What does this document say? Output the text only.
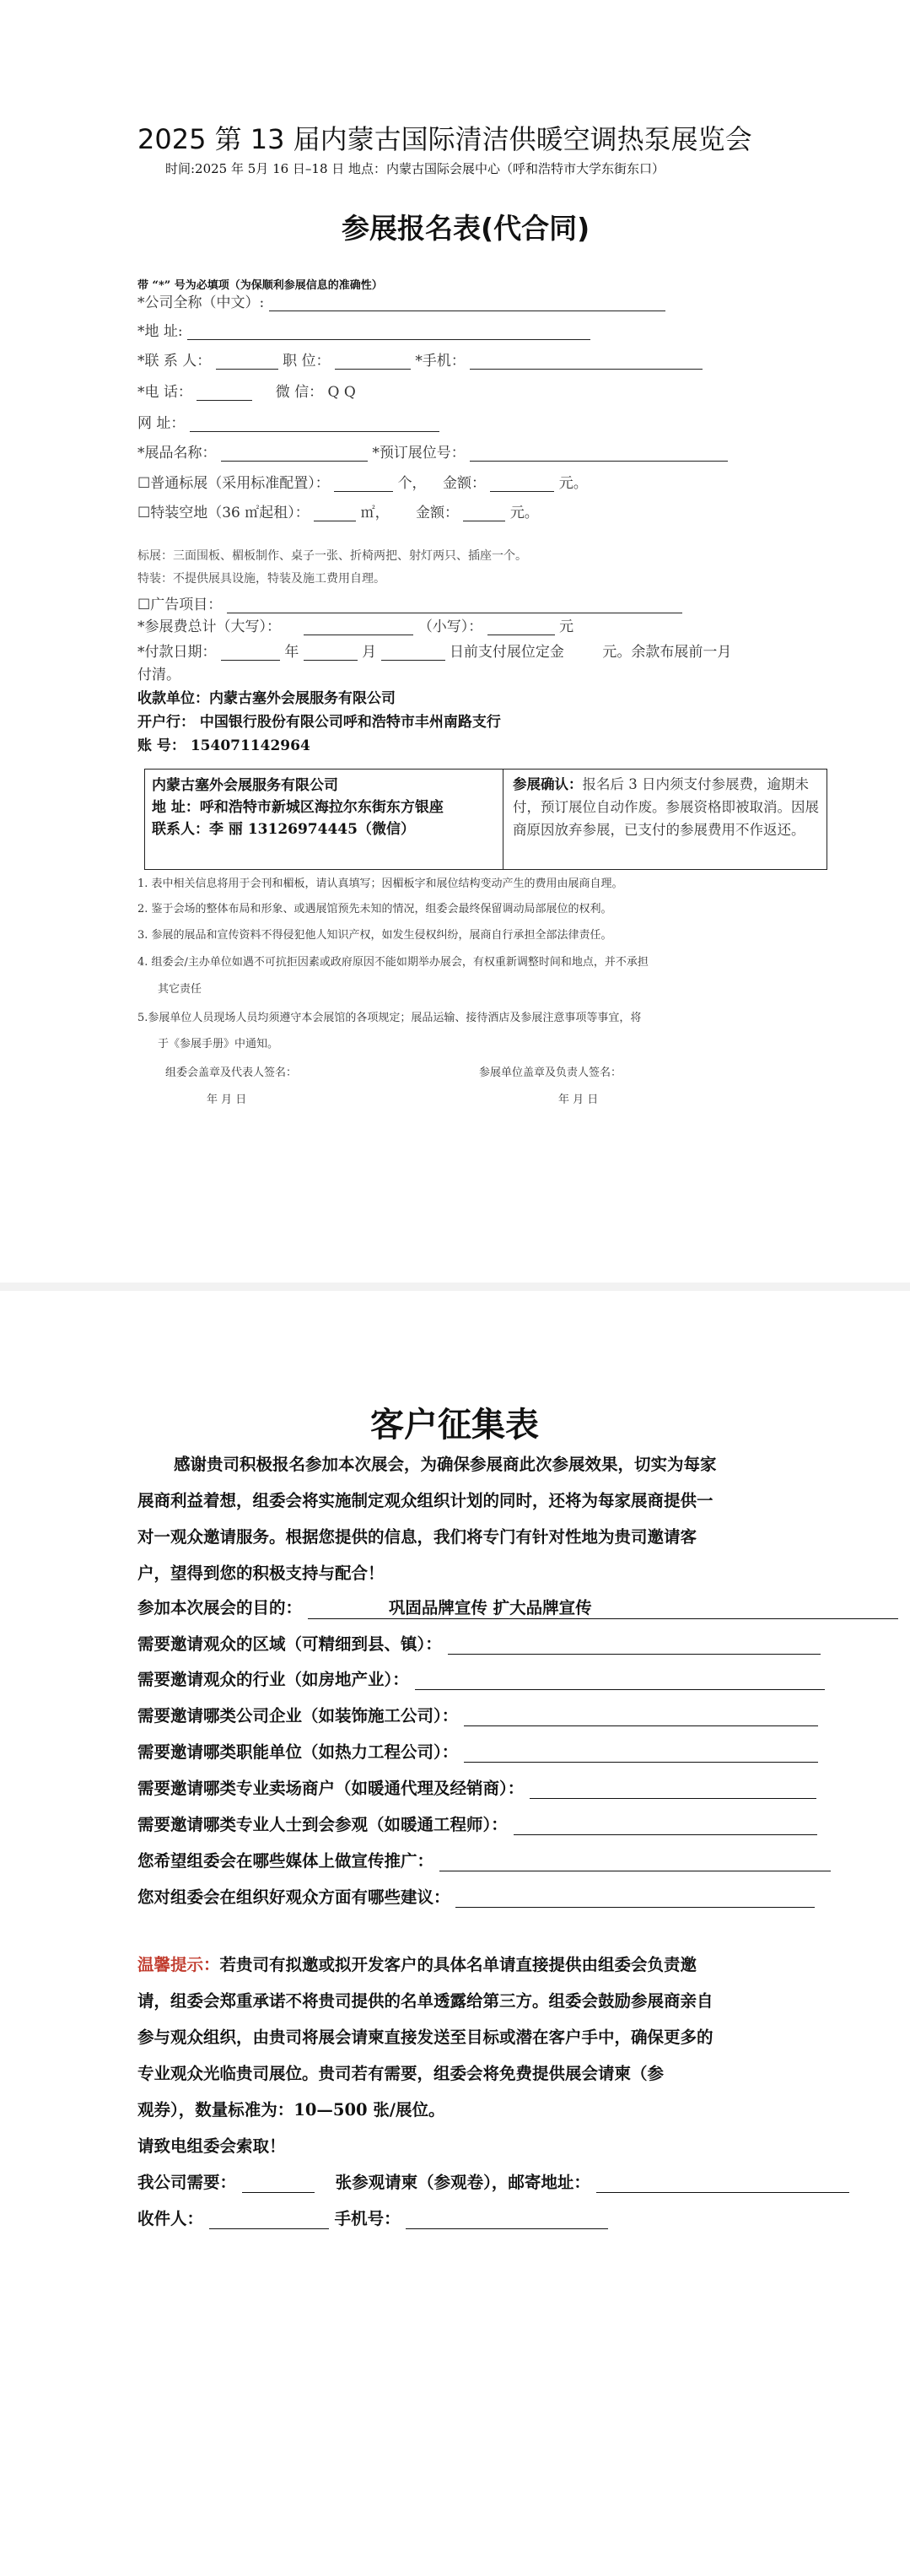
2025 第 13 届内蒙古国际清洁供暖空调热泵展览会
时间:2025 年 5月 16 日–18 日 地点：内蒙古国际会展中心（呼和浩特市大学东街东口）
参展报名表(代合同)
带 “*” 号为必填项（为保顺利参展信息的准确性）
*公司全称（中文）:
*地 址:
*联 系 人：	职 位：	*手机：
*电 话：	微 信： Q Q
网 址：
*展品名称：	*预订展位号：
☐普通标展（采用标准配置）：	个， 金额：	元。
☐特装空地（36 ㎡起租）：	㎡， 金额：	元。
标展：三面围板、楣板制作、桌子一张、折椅两把、射灯两只、插座一个。
特装：不提供展具设施，特装及施工费用自理。
☐广告项目：
*参展费总计（大写）：	（小写）：	元
*付款日期：	年	月	日前支付展位定金	元。余款布展前一月
付清。
收款单位：内蒙古塞外会展服务有限公司
开户行： 中国银行股份有限公司呼和浩特市丰州南路支行
账 号： 154071142964

内蒙古塞外会展服务有限公司

地 址：呼和浩特市新城区海拉尔东街东方银座

联系人：李 丽 13126974445（微信）

参展确认：报名后 3 日内须支付参展费，逾期未付，预订展位自动作废。参展资格即被取消。因展商原因放弃参展，已支付的参展费用不作返还。
1. 表中相关信息将用于会刊和楣板，请认真填写；因楣板字和展位结构变动产生的费用由展商自理。
2. 鉴于会场的整体布局和形象、或遇展馆预先未知的情况，组委会最终保留调动局部展位的权利。
3. 参展的展品和宣传资料不得侵犯他人知识产权，如发生侵权纠纷，展商自行承担全部法律责任。
4. 组委会/主办单位如遇不可抗拒因素或政府原因不能如期举办展会，有权重新调整时间和地点，并不承担
其它责任
5.参展单位人员现场人员均须遵守本会展馆的各项规定；展品运输、接待酒店及参展注意事项等事宜，将
于《参展手册》中通知。
组委会盖章及代表人签名：	参展单位盖章及负责人签名：
年 月 日	年 月 日
客户征集表
感谢贵司积极报名参加本次展会，为确保参展商此次参展效果，切实为每家
展商利益着想，组委会将实施制定观众组织计划的同时，还将为每家展商提供一
对一观众邀请服务。根据您提供的信息，我们将专门有针对性地为贵司邀请客
户，望得到您的积极支持与配合！
参加本次展会的目的：	巩固品牌宣传 扩大品牌宣传
需要邀请观众的区域（可精细到县、镇）：
需要邀请观众的行业（如房地产业）：
需要邀请哪类公司企业（如装饰施工公司）：
需要邀请哪类职能单位（如热力工程公司）：
需要邀请哪类专业卖场商户（如暖通代理及经销商）：
需要邀请哪类专业人士到会参观（如暖通工程师）：
您希望组委会在哪些媒体上做宣传推广：
您对组委会在组织好观众方面有哪些建议：
温馨提示：若贵司有拟邀或拟开发客户的具体名单请直接提供由组委会负责邀
请，组委会郑重承诺不将贵司提供的名单透露给第三方。组委会鼓励参展商亲自
参与观众组织，由贵司将展会请柬直接发送至目标或潜在客户手中，确保更多的
专业观众光临贵司展位。贵司若有需要，组委会将免费提供展会请柬（参
观券），数量标准为：10—500 张/展位。
请致电组委会索取！
我公司需要：	张参观请柬（参观卷），邮寄地址：
收件人：	手机号：
